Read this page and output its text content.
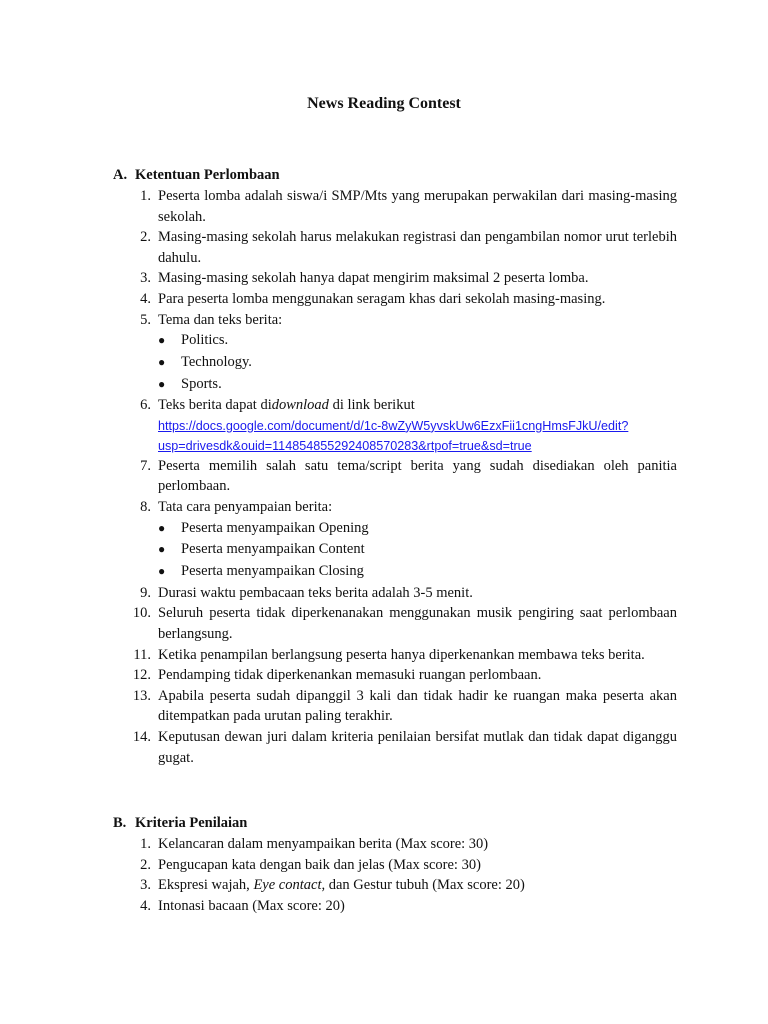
News Reading Contest
A. Ketentuan Perlombaan
1. Peserta lomba adalah siswa/i SMP/Mts yang merupakan perwakilan dari masing-masing sekolah.
2. Masing-masing sekolah harus melakukan registrasi dan pengambilan nomor urut terlebih dahulu.
3. Masing-masing sekolah hanya dapat mengirim maksimal 2 peserta lomba.
4. Para peserta lomba menggunakan seragam khas dari sekolah masing-masing.
5. Tema dan teks berita:
● Politics.
● Technology.
● Sports.
6. Teks berita dapat didownload di link berikut
https://docs.google.com/document/d/1c-8wZyW5yvskUw6EzxFii1cngHmsFJkU/edit?
usp=drivesdk&ouid=114854855292408570283&rtpof=true&sd=true
7. Peserta memilih salah satu tema/script berita yang sudah disediakan oleh panitia perlombaan.
8. Tata cara penyampaian berita:
● Peserta menyampaikan Opening
● Peserta menyampaikan Content
● Peserta menyampaikan Closing
9. Durasi waktu pembacaan teks berita adalah 3-5 menit.
10. Seluruh peserta tidak diperkenanakan menggunakan musik pengiring saat perlombaan berlangsung.
11. Ketika penampilan berlangsung peserta hanya diperkenankan membawa teks berita.
12. Pendamping tidak diperkenankan memasuki ruangan perlombaan.
13. Apabila peserta sudah dipanggil 3 kali dan tidak hadir ke ruangan maka peserta akan ditempatkan pada urutan paling terakhir.
14. Keputusan dewan juri dalam kriteria penilaian bersifat mutlak dan tidak dapat diganggu gugat.
B. Kriteria Penilaian
1. Kelancaran dalam menyampaikan berita (Max score: 30)
2. Pengucapan kata dengan baik dan jelas (Max score: 30)
3. Ekspresi wajah, Eye contact, dan Gestur tubuh (Max score: 20)
4. Intonasi bacaan (Max score: 20)
